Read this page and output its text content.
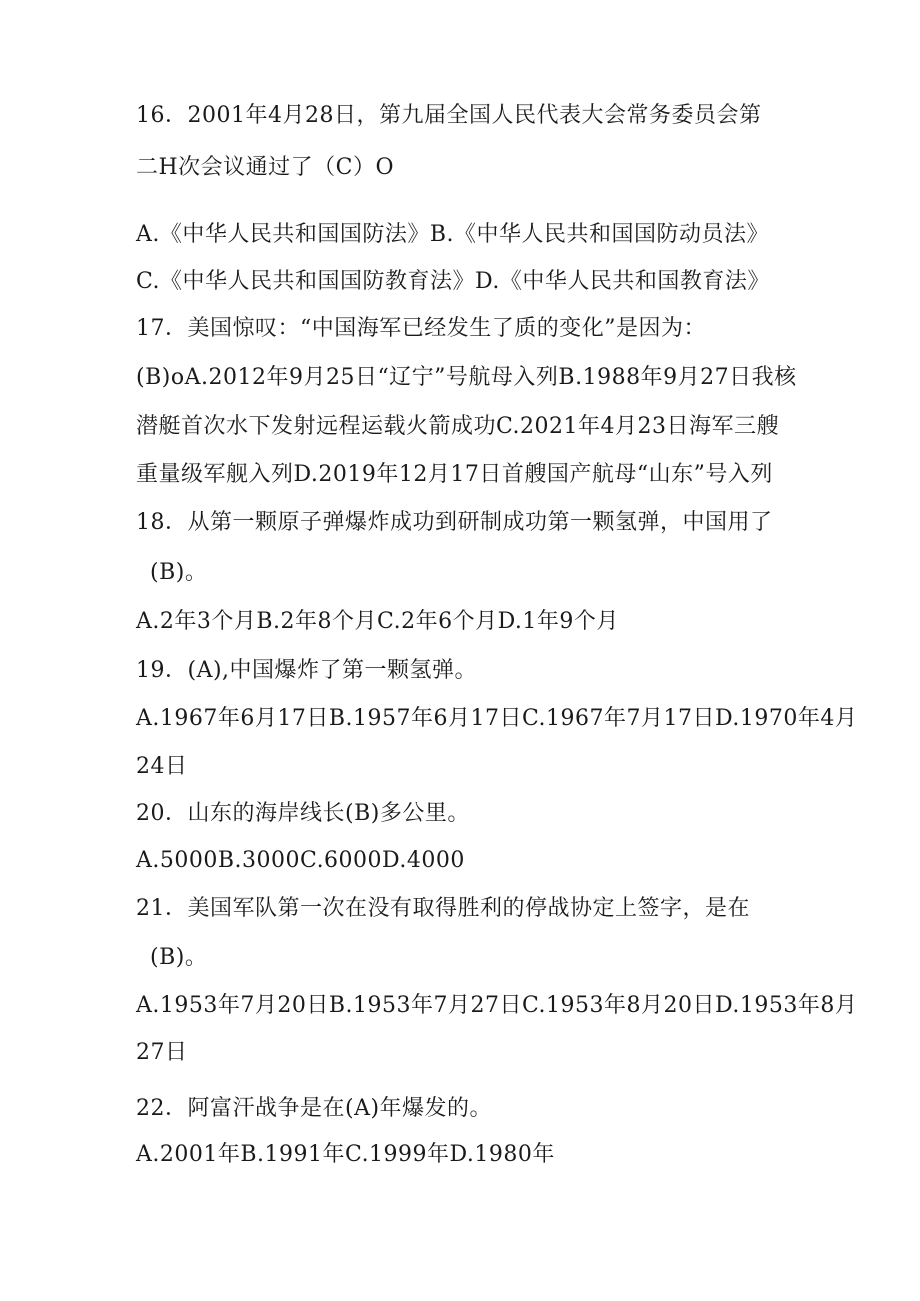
16．2001年4月28日，第九届全国人民代表大会常务委员会第
二H次会议通过了（C）O
A.《中华人民共和国国防法》B.《中华人民共和国国防动员法》
C.《中华人民共和国国防教育法》D.《中华人民共和国教育法》
17．美国惊叹：“中国海军已经发生了质的变化”是因为：
(B)oA.2012年9月25日“辽宁”号航母入列B.1988年9月27日我核
潜艇首次水下发射远程运载火箭成功C.2021年4月23日海军三艘
重量级军舰入列D.2019年12月17日首艘国产航母“山东”号入列
18．从第一颗原子弹爆炸成功到研制成功第一颗氢弹，中国用了
(B)。
A.2年3个月B.2年8个月C.2年6个月D.1年9个月
19．(A),中国爆炸了第一颗氢弹。
A.1967年6月17日B.1957年6月17日C.1967年7月17日D.1970年4月
24日
20．山东的海岸线长(B)多公里。
A.5000B.3000C.6000D.4000
21．美国军队第一次在没有取得胜利的停战协定上签字，是在
(B)。
A.1953年7月20日B.1953年7月27日C.1953年8月20日D.1953年8月
27日
22．阿富汗战争是在(A)年爆发的。
A.2001年B.1991年C.1999年D.1980年
